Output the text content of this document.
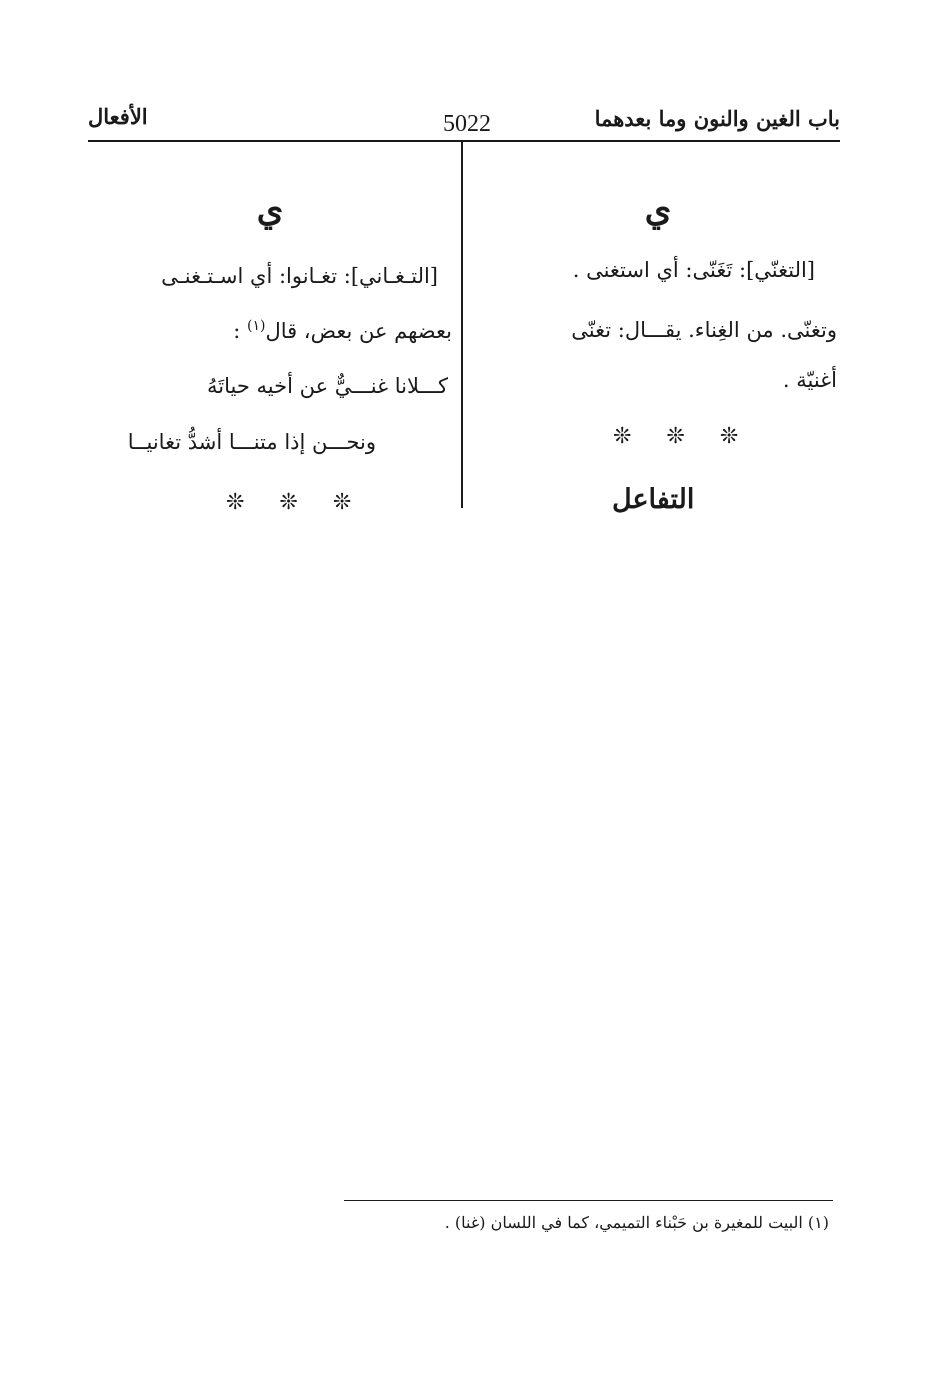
باب الغين والنون وما بعدهما
5022
الأفعال
ي
[التغنّي]: تَغَنّى: أي استغنى .
وتغنّى. من الغِناء. يقـــال: تغنّى
أغنيّة .
❊ ❊ ❊
التفاعل
ي
[التـغـاني]: تغـانوا: أي اسـتـغنـى
بعضهم عن بعض، قال$^{(١)}$ :
كـــلانا غنـــيٌّ عن أخيه حياتَهُ
ونحـــن إذا متنـــا أشدُّ تغانيــا
❊ ❊ ❊
(١) البيت للمغيرة بن حَبْناء التميمي، كما في اللسان (غنا) .
